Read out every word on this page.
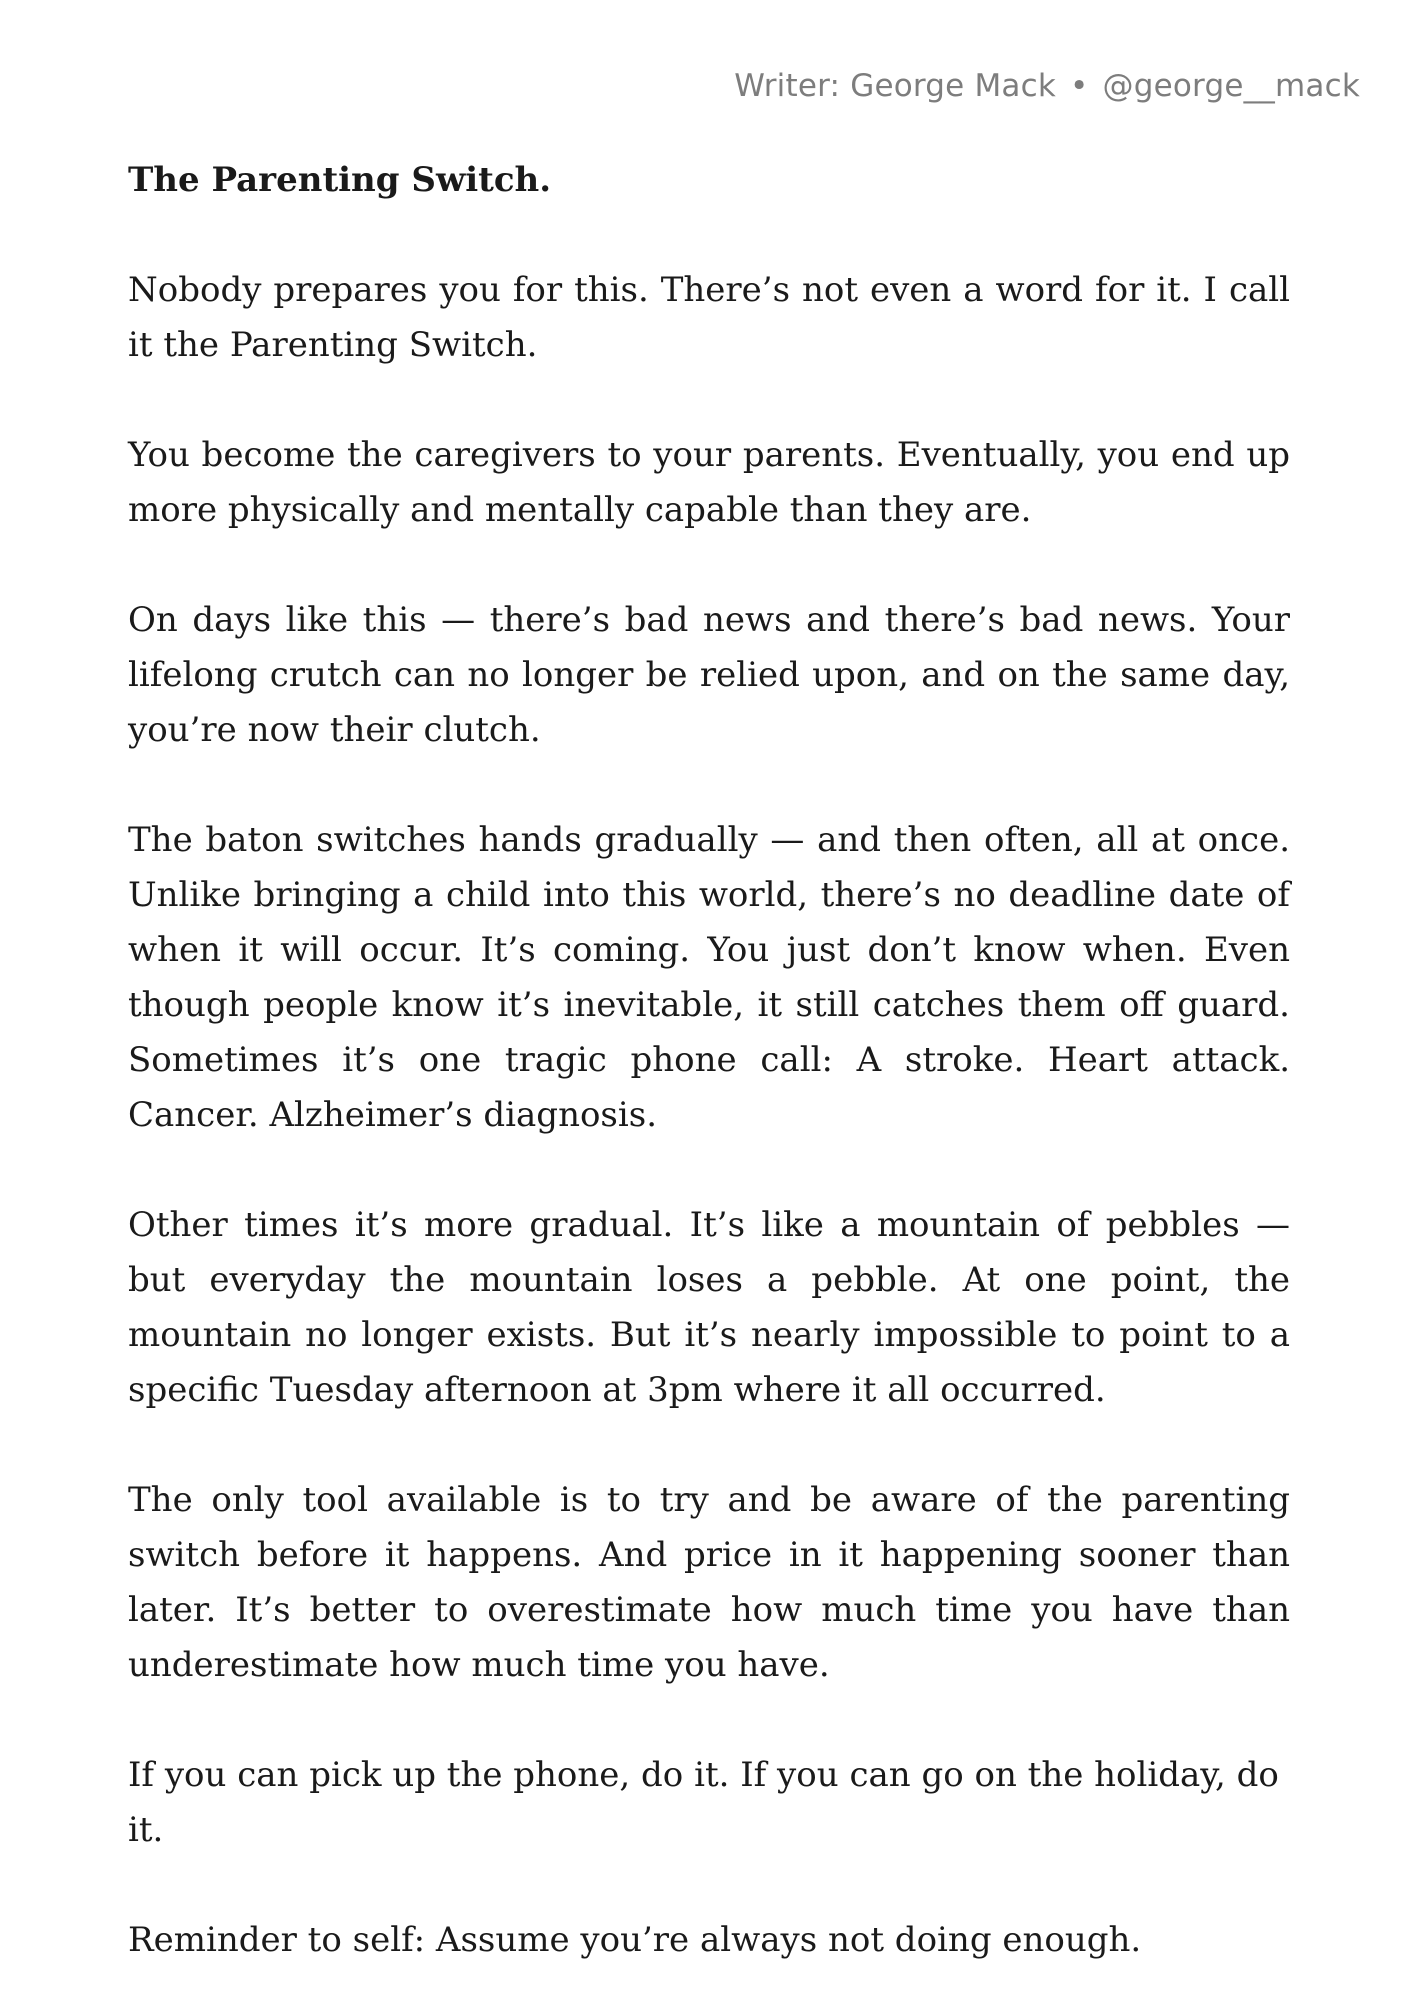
Writer: George Mack • @george__mack
The Parenting Switch.

Nobody prepares you for this. There’s not even a word for it. I call it the Parenting Switch.

You become the caregivers to your parents. Eventually, you end up more physically and mentally capable than they are.

On days like this — there’s bad news and there’s bad news. Your lifelong crutch can no longer be relied upon, and on the same day, you’re now their clutch.

The baton switches hands gradually — and then often, all at once. Unlike bringing a child into this world, there’s no deadline date of when it will occur. It’s coming. You just don’t know when. Even though people know it’s inevitable, it still catches them off guard. Sometimes it’s one tragic phone call: A stroke. Heart attack. Cancer. Alzheimer’s diagnosis.

Other times it’s more gradual. It’s like a mountain of pebbles — but everyday the mountain loses a pebble. At one point, the mountain no longer exists. But it’s nearly impossible to point to a specific Tuesday afternoon at 3pm where it all occurred.

The only tool available is to try and be aware of the parenting switch before it happens. And price in it happening sooner than later. It’s better to overestimate how much time you have than underestimate how much time you have.

If you can pick up the phone, do it. If you can go on the holiday, do it.

Reminder to self: Assume you’re always not doing enough.
